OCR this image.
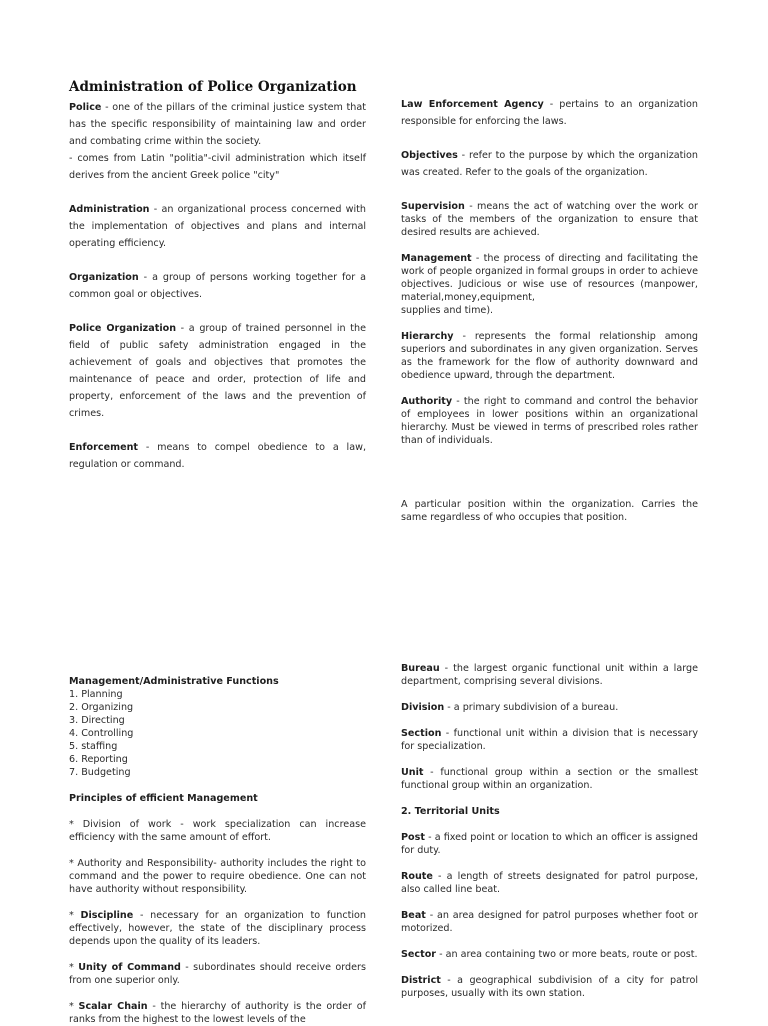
Administration of Police Organization

Police - one of the pillars of the criminal justice system that has the specific responsibility of maintaining law and order and combating crime within the society.

- comes from Latin "politia"-civil administration which itself derives from the ancient Greek police "city"

Administration - an organizational process concerned with the implementation of objectives and plans and internal operating efficiency.

Organization - a group of persons working together for a common goal or objectives.

Police Organization - a group of trained personnel in the field of public safety administration engaged in the achievement of goals and objectives that promotes the maintenance of peace and order, protection of life and property, enforcement of the laws and the prevention of crimes.

Enforcement - means to compel obedience to a law, regulation or command.

Law Enforcement Agency - pertains to an organization responsible for enforcing the laws.

Objectives - refer to the purpose by which the organization was created. Refer to the goals of the organization.

Supervision - means the act of watching over the work or tasks of the members of the organization to ensure that desired results are achieved.

Management - the process of directing and facilitating the work of people organized in formal groups in order to achieve objectives. Judicious or wise use of resources (manpower, material,money,equipment,

supplies and time).

Hierarchy - represents the formal relationship among superiors and subordinates in any given organization. Serves as the framework for the flow of authority downward and obedience upward, through the department.

Authority - the right to command and control the behavior of employees in lower positions within an organizational hierarchy. Must be viewed in terms of prescribed roles rather than of individuals.

A particular position within the organization. Carries the same regardless of who occupies that position.

Management/Administrative Functions

1. Planning
2. Organizing
3. Directing
4. Controlling
5. staffing
6. Reporting
7. Budgeting

Principles of efficient Management

* Division of work - work specialization can increase efficiency with the same amount of effort.

* Authority and Responsibility- authority includes the right to command and the power to require obedience. One can not have authority without responsibility.

* Discipline - necessary for an organization to function effectively, however, the state of the disciplinary process depends upon the quality of its leaders.

* Unity of Command - subordinates should receive orders from one superior only.

* Scalar Chain - the hierarchy of authority is the order of ranks from the highest to the lowest levels of the

Bureau - the largest organic functional unit within a large department, comprising several divisions.

Division - a primary subdivision of a bureau.

Section - functional unit within a division that is necessary for specialization.

Unit - functional group within a section or the smallest functional group within an organization.

2. Territorial Units

Post - a fixed point or location to which an officer is assigned for duty.

Route - a length of streets designated for patrol purpose, also called line beat.

Beat - an area designed for patrol purposes whether foot or motorized.

Sector - an area containing two or more beats, route or post.

District - a geographical subdivision of a city for patrol purposes, usually with its own station.
